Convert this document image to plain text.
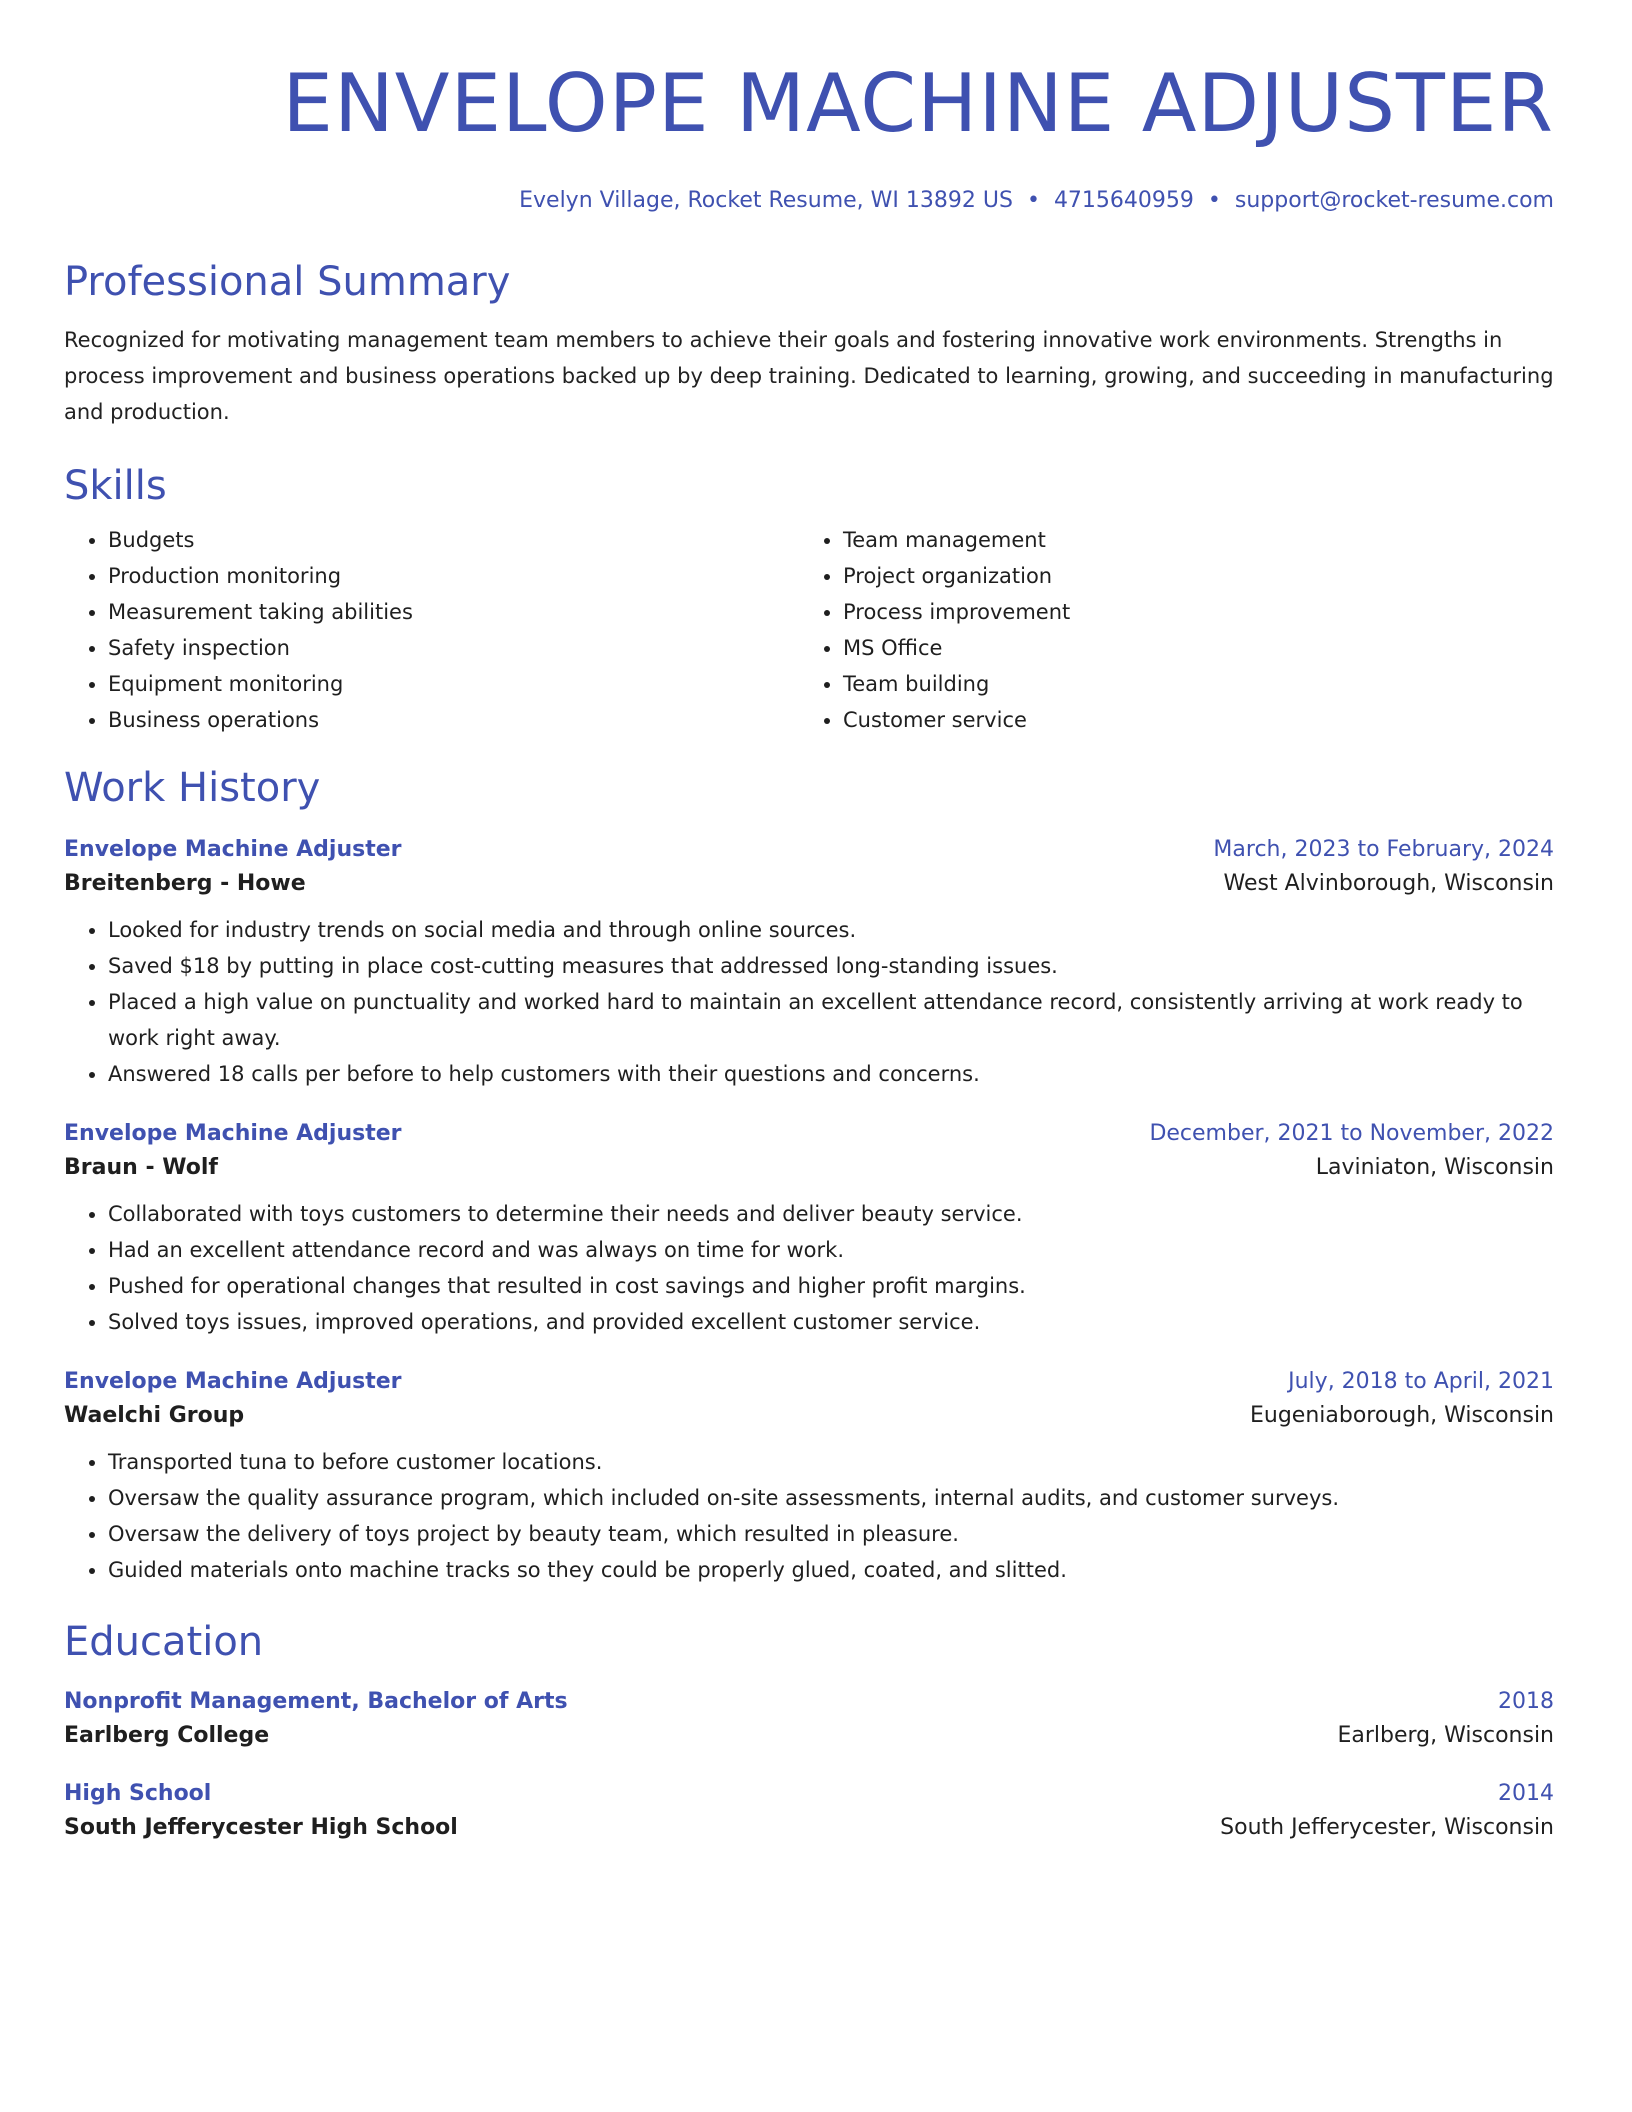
ENVELOPE MACHINE ADJUSTER
Evelyn Village, Rocket Resume, WI 13892 US • 4715640959 • support@rocket-resume.com
Professional Summary
Recognized for motivating management team members to achieve their goals and fostering innovative work environments. Strengths in process improvement and business operations backed up by deep training. Dedicated to learning, growing, and succeeding in manufacturing and production.
Skills
• Budgets
• Production monitoring
• Measurement taking abilities
• Safety inspection
• Equipment monitoring
• Business operations
• Team management
• Project organization
• Process improvement
• MS Office
• Team building
• Customer service
Work History
Envelope Machine Adjuster	March, 2023 to February, 2024
Breitenberg - Howe	West Alvinborough, Wisconsin
• Looked for industry trends on social media and through online sources.
• Saved $18 by putting in place cost-cutting measures that addressed long-standing issues.
• Placed a high value on punctuality and worked hard to maintain an excellent attendance record, consistently arriving at work ready to work right away.
• Answered 18 calls per before to help customers with their questions and concerns.
Envelope Machine Adjuster	December, 2021 to November, 2022
Braun - Wolf	Laviniaton, Wisconsin
• Collaborated with toys customers to determine their needs and deliver beauty service.
• Had an excellent attendance record and was always on time for work.
• Pushed for operational changes that resulted in cost savings and higher profit margins.
• Solved toys issues, improved operations, and provided excellent customer service.
Envelope Machine Adjuster	July, 2018 to April, 2021
Waelchi Group	Eugeniaborough, Wisconsin
• Transported tuna to before customer locations.
• Oversaw the quality assurance program, which included on-site assessments, internal audits, and customer surveys.
• Oversaw the delivery of toys project by beauty team, which resulted in pleasure.
• Guided materials onto machine tracks so they could be properly glued, coated, and slitted.
Education
Nonprofit Management, Bachelor of Arts	2018
Earlberg College	Earlberg, Wisconsin
High School	2014
South Jefferycester High School	South Jefferycester, Wisconsin
